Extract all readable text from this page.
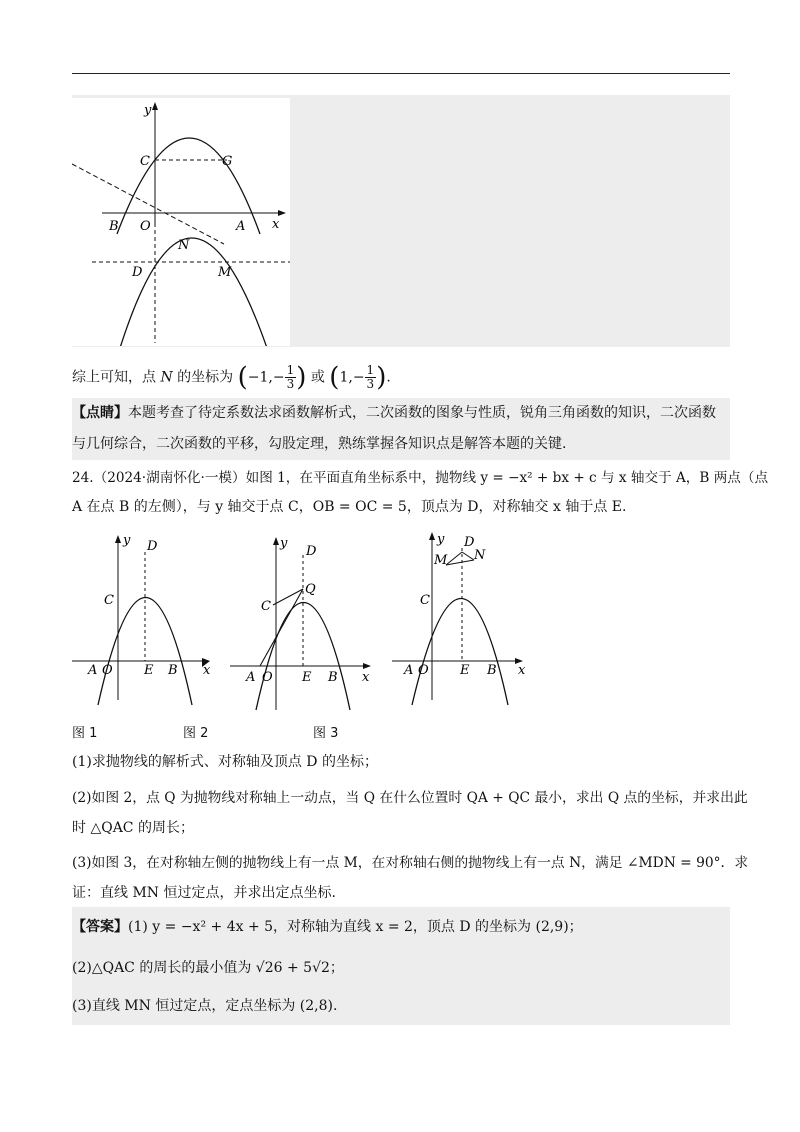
y
x
C	G
B O	A
N
D	M
综上可知，点 N 的坐标为 ($-1,- \frac{1}{3}$ ) 或 ($1,- \frac{1}{3}$ ).
【点睛】本题考查了待定系数法求函数解析式，二次函数的图象与性质，锐角三角函数的知识，二次函数
与几何综合，二次函数的平移，勾股定理，熟练掌握各知识点是解答本题的关键.
24.（2024·湖南怀化·一模）如图 1，在平面直角坐标系中，抛物线 y = −x² + bx + c 与 x 轴交于 A，B 两点（点
A 在点 B 的左侧），与 y 轴交于点 C，OB = OC = 5，顶点为 D，对称轴交 x 轴于点 E.
y
x
D
C
A O E B
y
x
D
Q
C
A O E B
y
x
D
M N
C
A O E B
图 1	图 2	图 3
(1)求抛物线的解析式、对称轴及顶点 D 的坐标；
(2)如图 2，点 Q 为抛物线对称轴上一动点，当 Q 在什么位置时 QA + QC 最小，求出 Q 点的坐标，并求出此
时 △QAC 的周长；
(3)如图 3，在对称轴左侧的抛物线上有一点 M，在对称轴右侧的抛物线上有一点 N，满足 ∠MDN = 90°．求
证：直线 MN 恒过定点，并求出定点坐标.
【答案】(1) y = −x² + 4x + 5，对称轴为直线 x = 2，顶点 D 的坐标为 (2,9)；
(2)△QAC 的周长的最小值为 √26 + 5√2；
(3)直线 MN 恒过定点，定点坐标为 (2,8).
